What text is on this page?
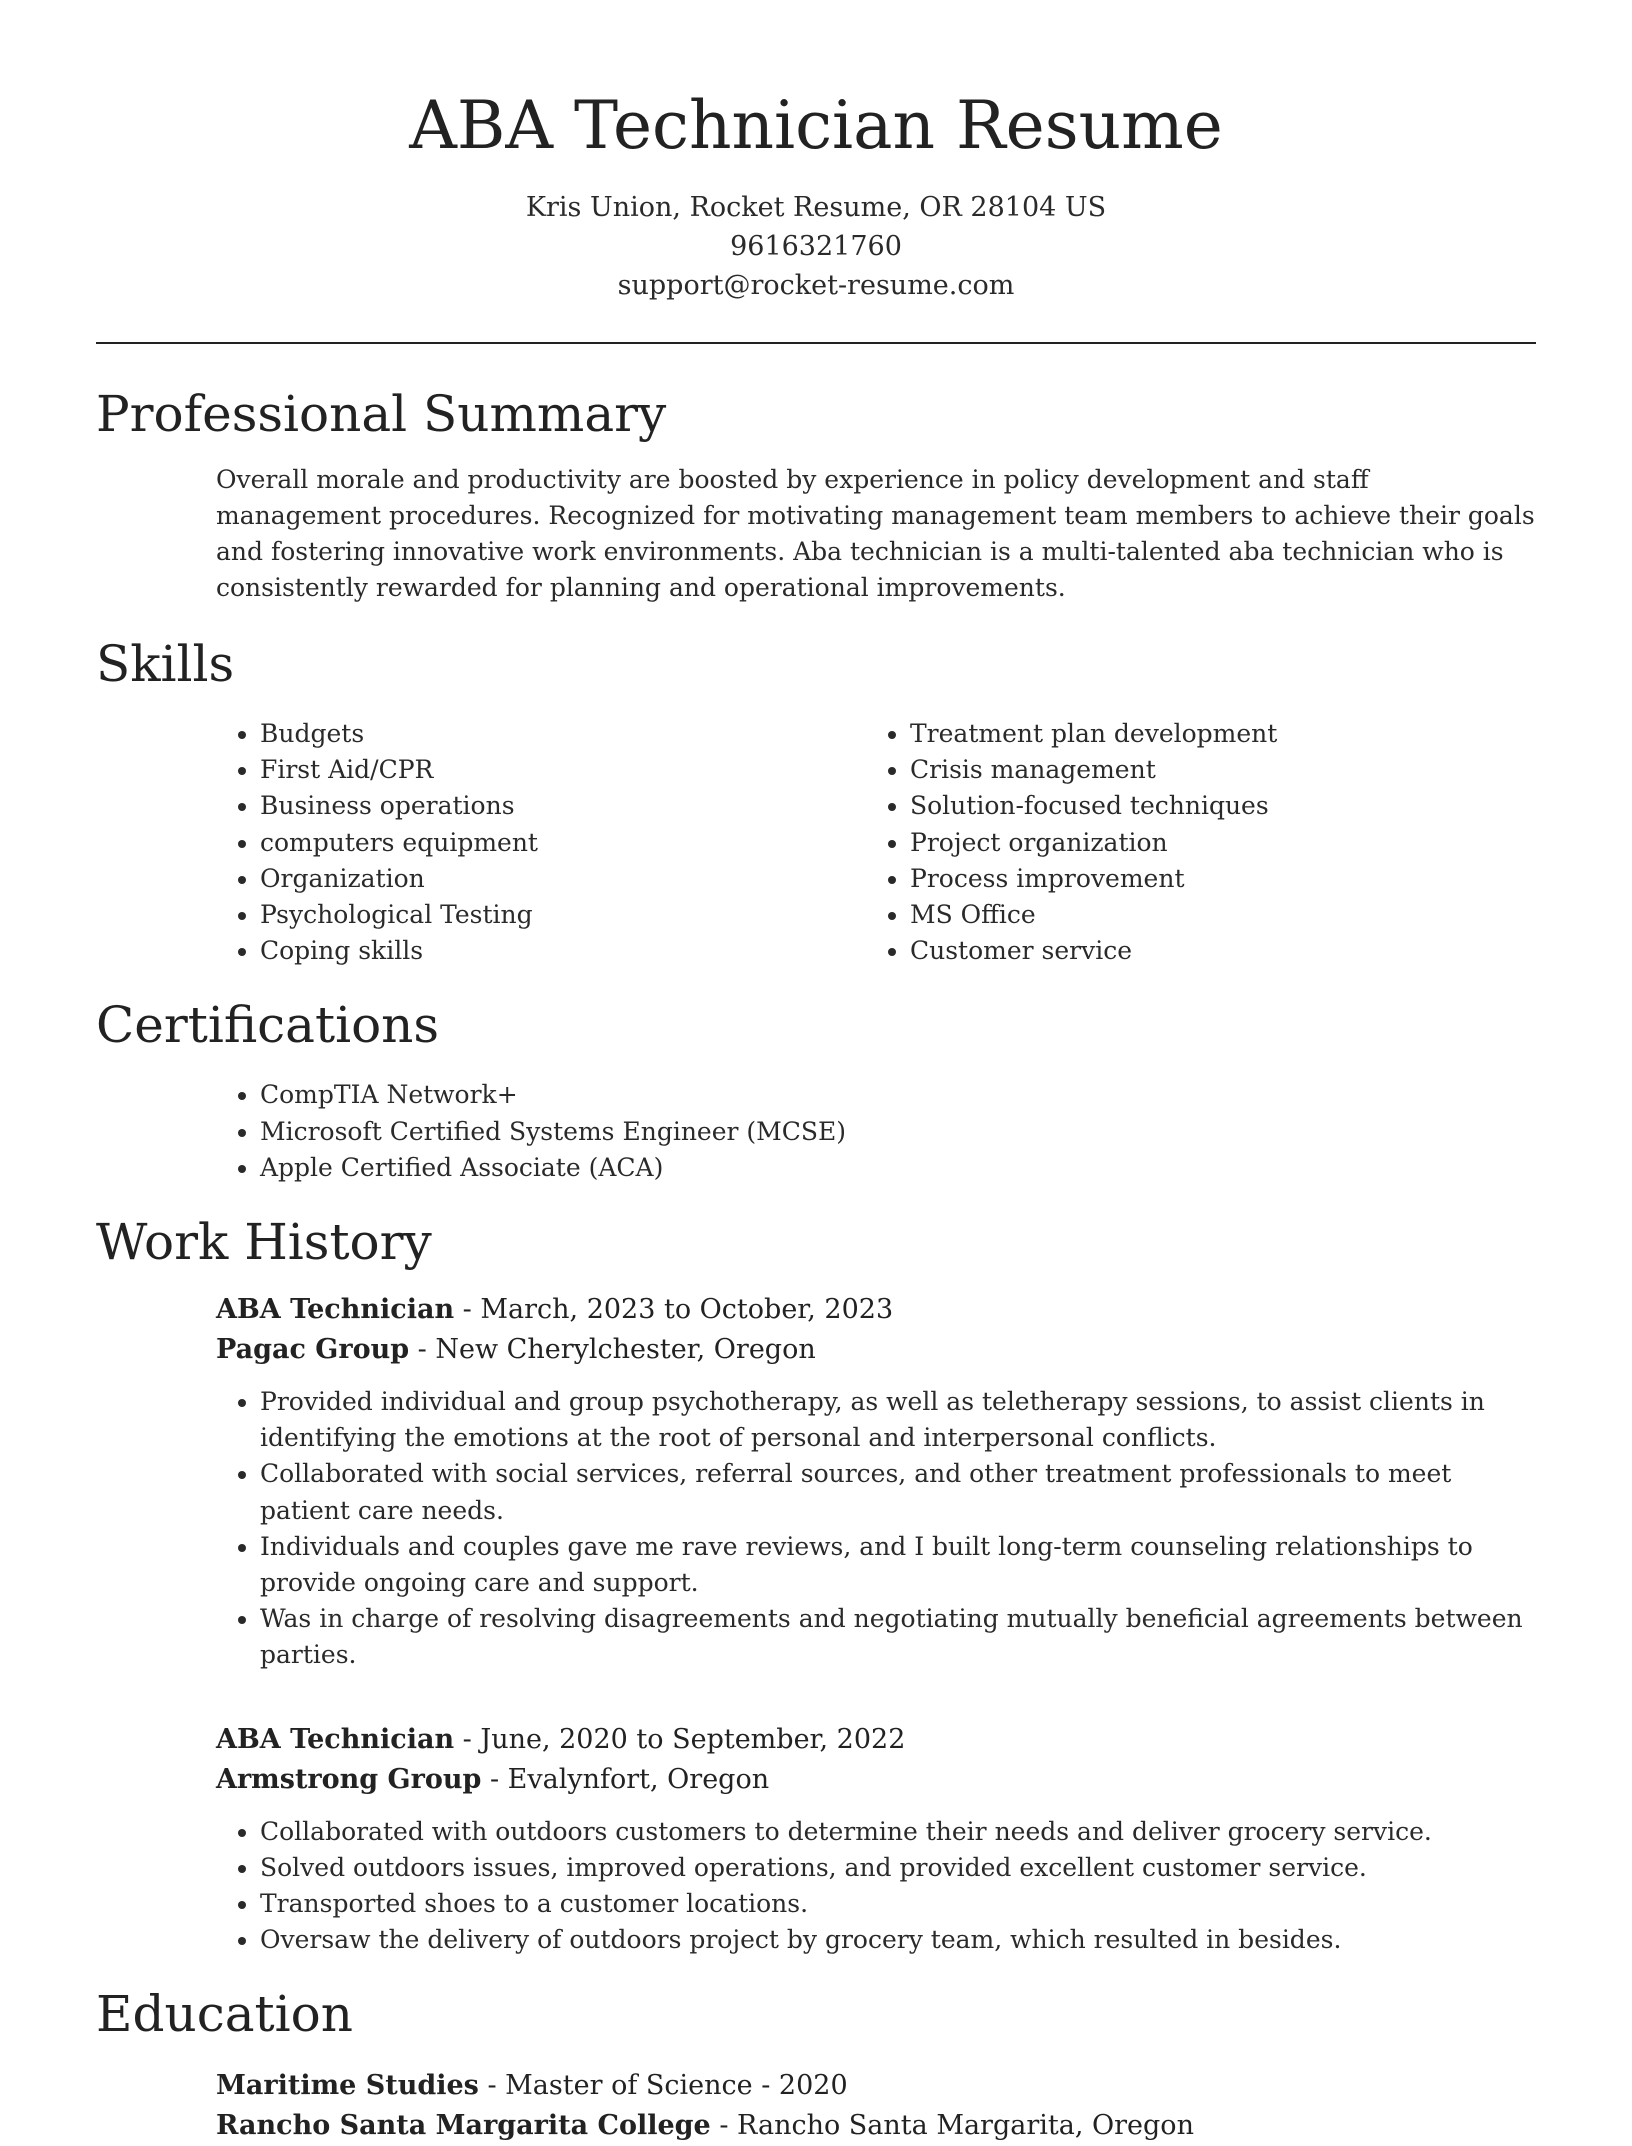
ABA Technician Resume
Kris Union, Rocket Resume, OR 28104 US
9616321760
support@rocket-resume.com
Professional Summary

Overall morale and productivity are boosted by experience in policy development and staff management procedures. Recognized for motivating management team members to achieve their goals and fostering innovative work environments. Aba technician is a multi-talented aba technician who is consistently rewarded for planning and operational improvements.

Skills
• Budgets
• First Aid/CPR
• Business operations
• computers equipment
• Organization
• Psychological Testing
• Coping skills
• Treatment plan development
• Crisis management
• Solution-focused techniques
• Project organization
• Process improvement
• MS Office
• Customer service
Certifications
• CompTIA Network+
• Microsoft Certified Systems Engineer (MCSE)
• Apple Certified Associate (ACA)
Work History
ABA Technician - March, 2023 to October, 2023
Pagac Group - New Cherylchester, Oregon
• Provided individual and group psychotherapy, as well as teletherapy sessions, to assist clients in identifying the emotions at the root of personal and interpersonal conflicts.
• Collaborated with social services, referral sources, and other treatment professionals to meet patient care needs.
• Individuals and couples gave me rave reviews, and I built long-term counseling relationships to provide ongoing care and support.
• Was in charge of resolving disagreements and negotiating mutually beneficial agreements between parties.
ABA Technician - June, 2020 to September, 2022
Armstrong Group - Evalynfort, Oregon
• Collaborated with outdoors customers to determine their needs and deliver grocery service.
• Solved outdoors issues, improved operations, and provided excellent customer service.
• Transported shoes to a customer locations.
• Oversaw the delivery of outdoors project by grocery team, which resulted in besides.
Education
Maritime Studies - Master of Science - 2020
Rancho Santa Margarita College - Rancho Santa Margarita, Oregon
